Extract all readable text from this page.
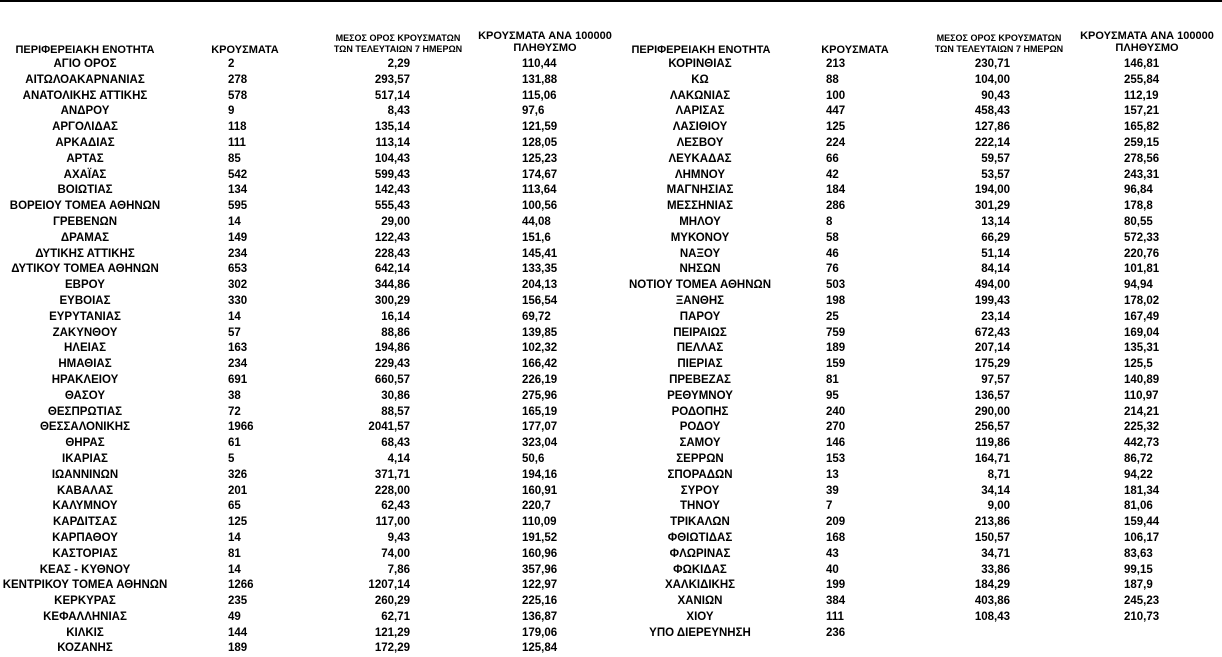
ΠΕΡΙΦΕΡΕΙΑΚΗ ΕΝΟΤΗΤΑ	ΚΡΟΥΣΜΑΤΑ
ΜΕΣΟΣ ΟΡΟΣ ΚΡΟΥΣΜΑΤΩΝ
ΤΩΝ ΤΕΛΕΥΤΑΙΩΝ 7 ΗΜΕΡΩΝ
ΚΡΟΥΣΜΑΤΑ ΑΝΑ 100000
ΠΛΗΘΥΣΜΟ
ΑΓΙΟ ΟΡΟΣ	2	2,29	110,44
ΑΙΤΩΛΟΑΚΑΡΝΑΝΙΑΣ	278	293,57	131,88
ΑΝΑΤΟΛΙΚΗΣ ΑΤΤΙΚΗΣ	578	517,14	115,06
ΑΝΔΡΟΥ	9	8,43	97,6
ΑΡΓΟΛΙΔΑΣ	118	135,14	121,59
ΑΡΚΑΔΙΑΣ	111	113,14	128,05
ΑΡΤΑΣ	85	104,43	125,23
ΑΧΑΪΑΣ	542	599,43	174,67
ΒΟΙΩΤΙΑΣ	134	142,43	113,64
ΒΟΡΕΙΟΥ ΤΟΜΕΑ ΑΘΗΝΩΝ	595	555,43	100,56
ΓΡΕΒΕΝΩΝ	14	29,00	44,08
ΔΡΑΜΑΣ	149	122,43	151,6
ΔΥΤΙΚΗΣ ΑΤΤΙΚΗΣ	234	228,43	145,41
ΔΥΤΙΚΟΥ ΤΟΜΕΑ ΑΘΗΝΩΝ	653	642,14	133,35
ΕΒΡΟΥ	302	344,86	204,13
ΕΥΒΟΙΑΣ	330	300,29	156,54
ΕΥΡΥΤΑΝΙΑΣ	14	16,14	69,72
ΖΑΚΥΝΘΟΥ	57	88,86	139,85
ΗΛΕΙΑΣ	163	194,86	102,32
ΗΜΑΘΙΑΣ	234	229,43	166,42
ΗΡΑΚΛΕΙΟΥ	691	660,57	226,19
ΘΑΣΟΥ	38	30,86	275,96
ΘΕΣΠΡΩΤΙΑΣ	72	88,57	165,19
ΘΕΣΣΑΛΟΝΙΚΗΣ	1966	2041,57	177,07
ΘΗΡΑΣ	61	68,43	323,04
ΙΚΑΡΙΑΣ	5	4,14	50,6
ΙΩΑΝΝΙΝΩΝ	326	371,71	194,16
ΚΑΒΑΛΑΣ	201	228,00	160,91
ΚΑΛΥΜΝΟΥ	65	62,43	220,7
ΚΑΡΔΙΤΣΑΣ	125	117,00	110,09
ΚΑΡΠΑΘΟΥ	14	9,43	191,52
ΚΑΣΤΟΡΙΑΣ	81	74,00	160,96
ΚΕΑΣ - ΚΥΘΝΟΥ	14	7,86	357,96
ΚΕΝΤΡΙΚΟΥ ΤΟΜΕΑ ΑΘΗΝΩΝ	1266	1207,14	122,97
ΚΕΡΚΥΡΑΣ	235	260,29	225,16
ΚΕΦΑΛΛΗΝΙΑΣ	49	62,71	136,87
ΚΙΛΚΙΣ	144	121,29	179,06
ΚΟΖΑΝΗΣ	189	172,29	125,84
ΠΕΡΙΦΕΡΕΙΑΚΗ ΕΝΟΤΗΤΑ	ΚΡΟΥΣΜΑΤΑ
ΜΕΣΟΣ ΟΡΟΣ ΚΡΟΥΣΜΑΤΩΝ
ΤΩΝ ΤΕΛΕΥΤΑΙΩΝ 7 ΗΜΕΡΩΝ
ΚΡΟΥΣΜΑΤΑ ΑΝΑ 100000
ΠΛΗΘΥΣΜΟ
ΚΟΡΙΝΘΙΑΣ	213	230,71	146,81
ΚΩ	88	104,00	255,84
ΛΑΚΩΝΙΑΣ	100	90,43	112,19
ΛΑΡΙΣΑΣ	447	458,43	157,21
ΛΑΣΙΘΙΟΥ	125	127,86	165,82
ΛΕΣΒΟΥ	224	222,14	259,15
ΛΕΥΚΑΔΑΣ	66	59,57	278,56
ΛΗΜΝΟΥ	42	53,57	243,31
ΜΑΓΝΗΣΙΑΣ	184	194,00	96,84
ΜΕΣΣΗΝΙΑΣ	286	301,29	178,8
ΜΗΛΟΥ	8	13,14	80,55
ΜΥΚΟΝΟΥ	58	66,29	572,33
ΝΑΞΟΥ	46	51,14	220,76
ΝΗΣΩΝ	76	84,14	101,81
ΝΟΤΙΟΥ ΤΟΜΕΑ ΑΘΗΝΩΝ	503	494,00	94,94
ΞΑΝΘΗΣ	198	199,43	178,02
ΠΑΡΟΥ	25	23,14	167,49
ΠΕΙΡΑΙΩΣ	759	672,43	169,04
ΠΕΛΛΑΣ	189	207,14	135,31
ΠΙΕΡΙΑΣ	159	175,29	125,5
ΠΡΕΒΕΖΑΣ	81	97,57	140,89
ΡΕΘΥΜΝΟΥ	95	136,57	110,97
ΡΟΔΟΠΗΣ	240	290,00	214,21
ΡΟΔΟΥ	270	256,57	225,32
ΣΑΜΟΥ	146	119,86	442,73
ΣΕΡΡΩΝ	153	164,71	86,72
ΣΠΟΡΑΔΩΝ	13	8,71	94,22
ΣΥΡΟΥ	39	34,14	181,34
ΤΗΝΟΥ	7	9,00	81,06
ΤΡΙΚΑΛΩΝ	209	213,86	159,44
ΦΘΙΩΤΙΔΑΣ	168	150,57	106,17
ΦΛΩΡΙΝΑΣ	43	34,71	83,63
ΦΩΚΙΔΑΣ	40	33,86	99,15
ΧΑΛΚΙΔΙΚΗΣ	199	184,29	187,9
ΧΑΝΙΩΝ	384	403,86	245,23
ΧΙΟΥ	111	108,43	210,73
ΥΠΟ ΔΙΕΡΕΥΝΗΣΗ	236
